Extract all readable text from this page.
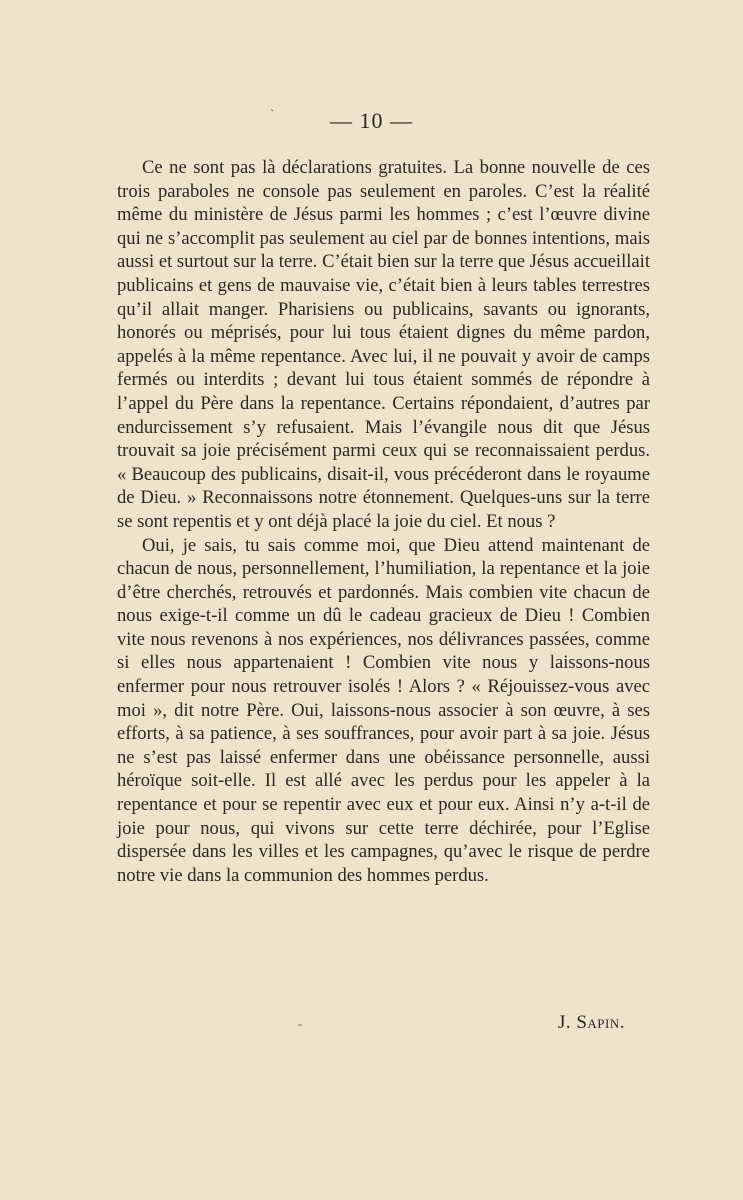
ˋ	— 10 —

Ce ne sont pas là déclarations gratuites. La bonne nouvelle de ces trois paraboles ne console pas seulement en paroles. C’est la réalité même du ministère de Jésus parmi les hommes ; c’est l’œuvre divine qui ne s’accomplit pas seulement au ciel par de bonnes intentions, mais aussi et surtout sur la terre. C’était bien sur la terre que Jésus accueillait publicains et gens de mauvaise vie, c’était bien à leurs tables terrestres qu’il allait manger. Pharisiens ou publicains, savants ou ignorants, honorés ou méprisés, pour lui tous étaient dignes du même pardon, appelés à la même repentance. Avec lui, il ne pouvait y avoir de camps fermés ou interdits ; devant lui tous étaient sommés de répondre à l’appel du Père dans la repentance. Certains répondaient, d’autres par endurcissement s’y refusaient. Mais l’évangile nous dit que Jésus trouvait sa joie précisément parmi ceux qui se reconnaissaient perdus. « Beaucoup des publicains, disait-il, vous précéderont dans le royaume de Dieu. » Reconnaissons notre étonnement. Quelques-uns sur la terre se sont repentis et y ont déjà placé la joie du ciel. Et nous ?

Oui, je sais, tu sais comme moi, que Dieu attend maintenant de chacun de nous, personnellement, l’humiliation, la repentance et la joie d’être cherchés, retrouvés et pardonnés. Mais combien vite chacun de nous exige-t-il comme un dû le cadeau gracieux de Dieu ! Combien vite nous revenons à nos expériences, nos délivrances passées, comme si elles nous appartenaient ! Combien vite nous y laissons-nous enfermer pour nous retrouver isolés ! Alors ? « Réjouissez-vous avec moi », dit notre Père. Oui, laissons-nous associer à son œuvre, à ses efforts, à sa patience, à ses souffrances, pour avoir part à sa joie. Jésus ne s’est pas laissé enfermer dans une obéissance personnelle, aussi héroïque soit-elle. Il est allé avec les perdus pour les appeler à la repentance et pour se repentir avec eux et pour eux. Ainsi n’y a-t-il de joie pour nous, qui vivons sur cette terre déchirée, pour l’Eglise dispersée dans les villes et les campagnes, qu’avec le risque de perdre notre vie dans la communion des hommes perdus.

J. Sapin.
